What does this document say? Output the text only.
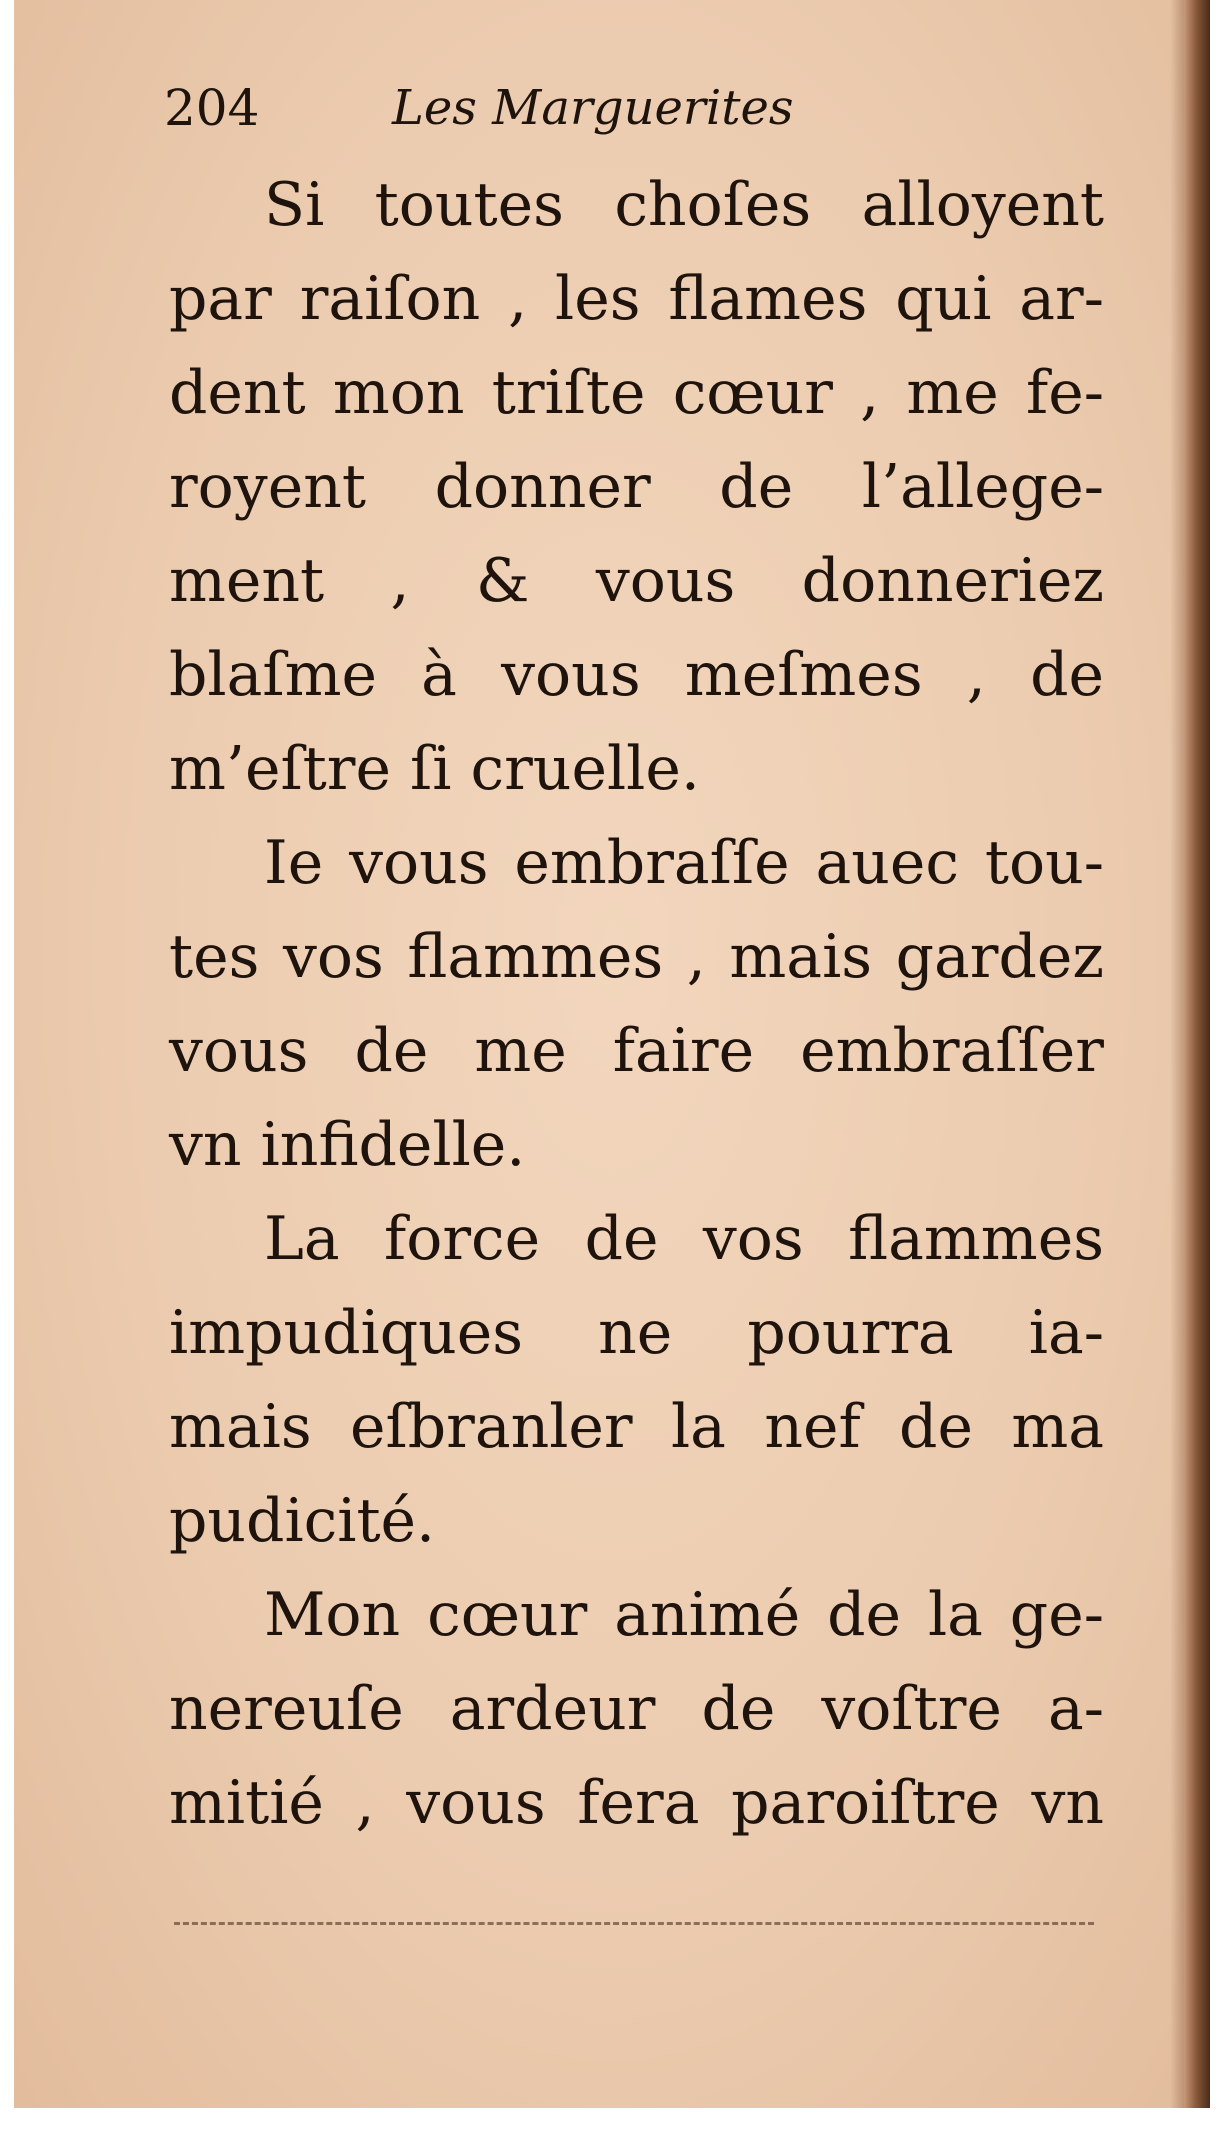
204	Les Marguerites
Si toutes choſes alloyent
par raiſon , les flames qui ar-
dent mon triſte cœur , me fe-
royent donner de l’allege-
ment , & vous donneriez
blaſme à vous meſmes , de
m’eſtre ſi cruelle.
Ie vous embraſſe auec tou-
tes vos flammes , mais gardez
vous de me faire embraſſer
vn infidelle.
La force de vos flammes
impudiques ne pourra ia-
mais eſbranler la nef de ma
pudicité.
Mon cœur animé de la ge-
nereuſe ardeur de voſtre a-
mitié , vous fera paroiſtre vn
